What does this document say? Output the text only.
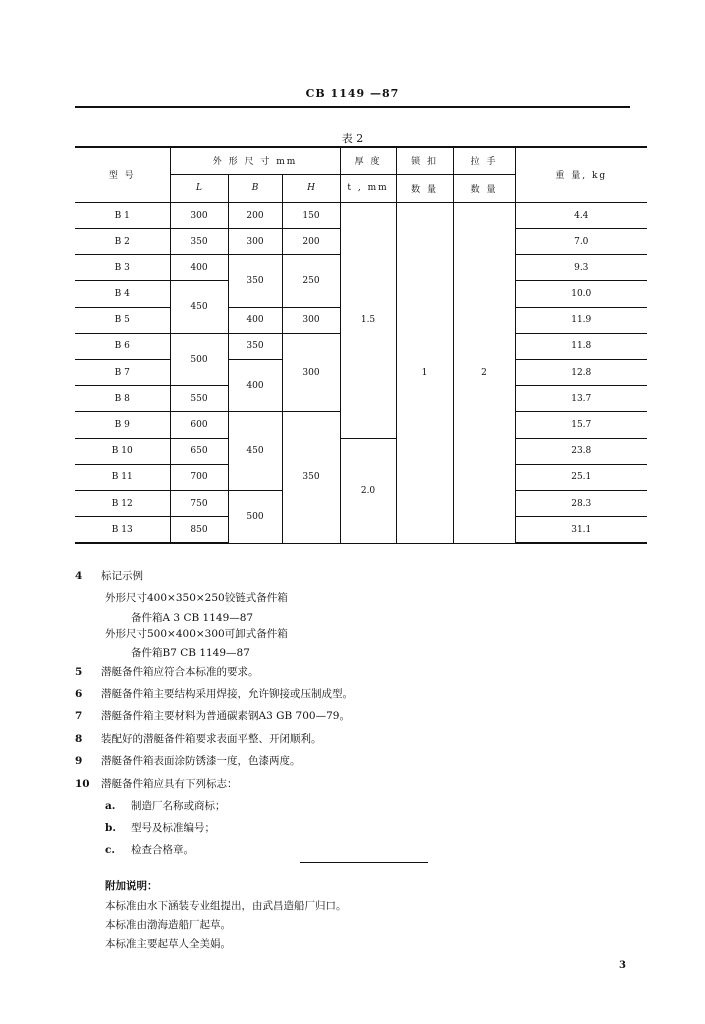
CB 1149 —87
表 2
型 号	外 形 尺 寸 mm			厚 度	锁 扣	拉 手	重 量, kg
	L	B	H	t , mm	数 量	数 量	
B 1	300	200	150	1.5	1	2	4.4
B 2	350	300	200				7.0
B 3	400	350	250				9.3
B 4	450						10.0
B 5		400	300				11.9
B 6	500	350	300				11.8
B 7		400					12.8
B 8	550						13.7
B 9	600	450	350				15.7
B 10	650			2.0			23.8
B 11	700						25.1
B 12	750	500					28.3
B 13	850						31.1
4 标记示例
外形尺寸400×350×250铰链式备件箱
备件箱A 3 CB 1149—87
外形尺寸500×400×300可卸式备件箱
备件箱B7 CB 1149—87
5 潜艇备件箱应符合本标准的要求。
6 潜艇备件箱主要结构采用焊接，允许铆接或压制成型。
7 潜艇备件箱主要材料为普通碳素钢A3 GB 700—79。
8 装配好的潜艇备件箱要求表面平整、开闭顺利。
9 潜艇备件箱表面涂防锈漆一度，色漆两度。
10 潜艇备件箱应具有下列标志：
a. 制造厂名称或商标；
b. 型号及标准编号；
c. 检查合格章。
附加说明：
本标准由水下涵装专业组提出，由武昌造船厂归口。
本标准由渤海造船厂起草。
本标准主要起草人全美娟。
3
